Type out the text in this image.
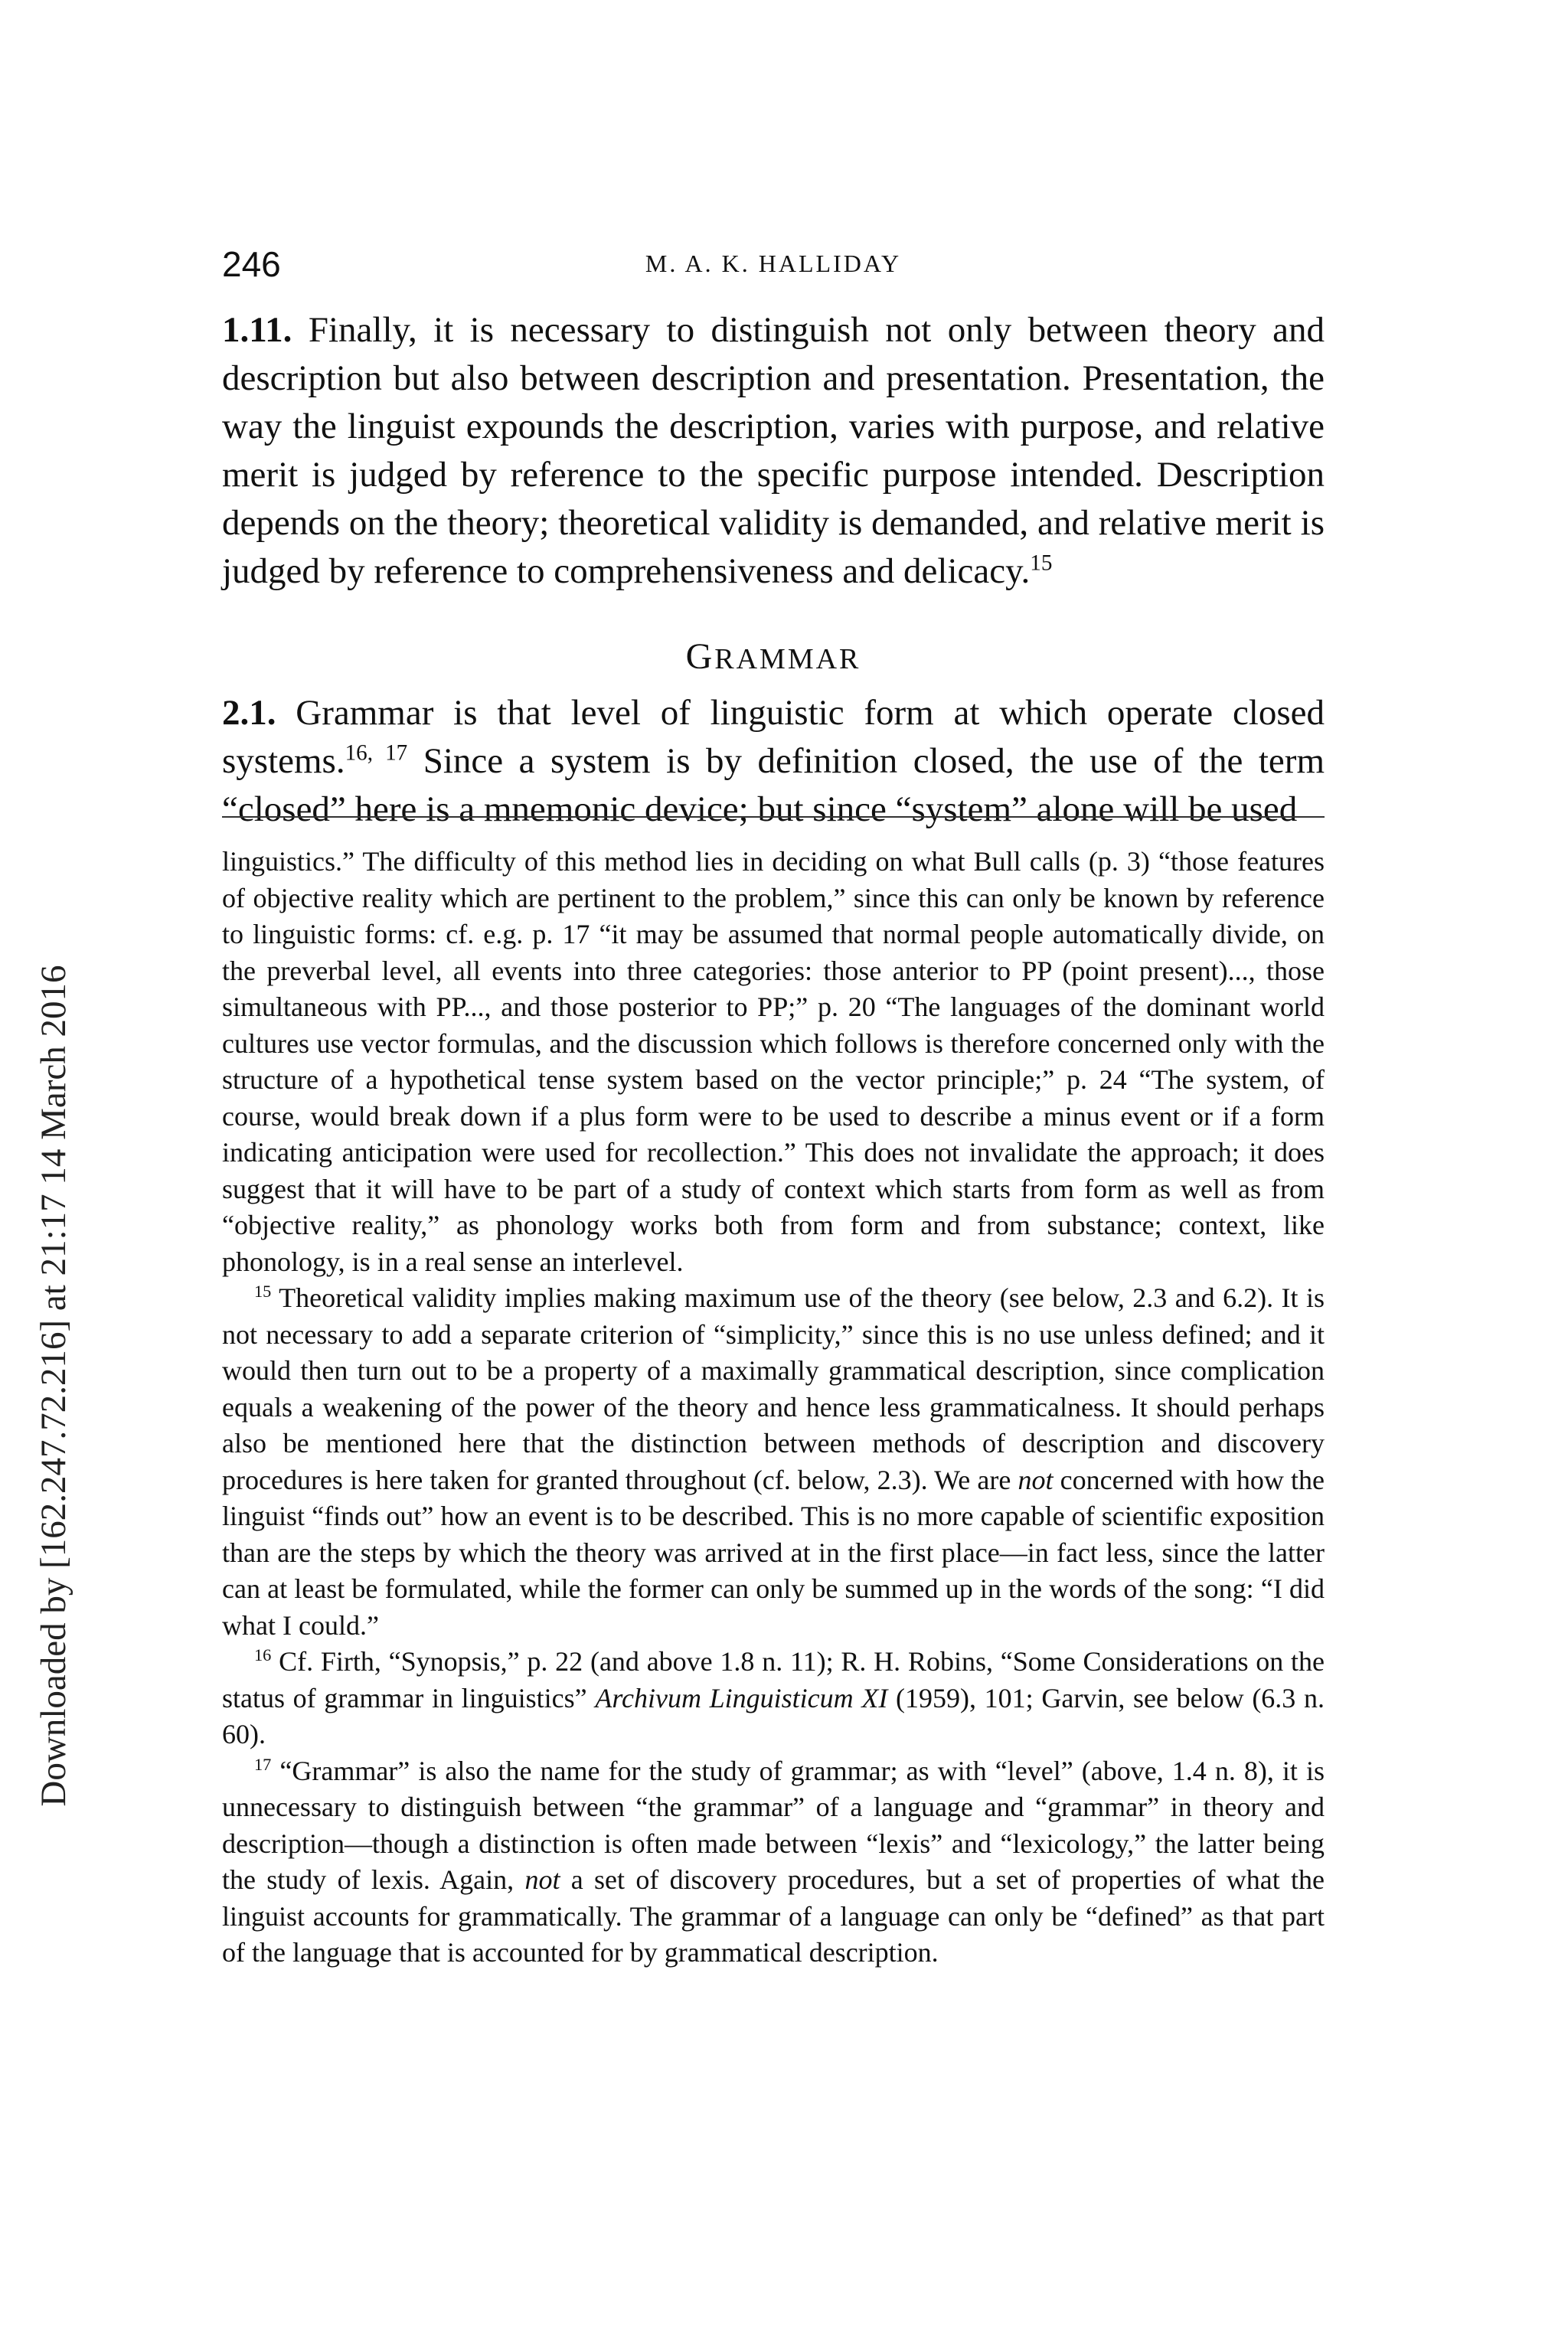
Downloaded by [162.247.72.216] at 21:17 14 March 2016
246	M. A. K. HALLIDAY

1.11. Finally, it is necessary to distinguish not only between theory and description but also between description and presentation. Presentation, the way the linguist expounds the description, varies with purpose, and relative merit is judged by reference to the specific purpose intended. Description depends on the theory; theoretical validity is demanded, and relative merit is judged by reference to comprehensiveness and delicacy.$^{15}$

GRAMMAR

2.1. Grammar is that level of linguistic form at which operate closed systems.$^{16, 17}$ Since a system is by definition closed, the use of the term “closed” here is a mnemonic device; but since “system” alone will be used

linguistics.” The difficulty of this method lies in deciding on what Bull calls (p. 3) “those features of objective reality which are pertinent to the problem,” since this can only be known by reference to linguistic forms: cf. e.g. p. 17 “it may be assumed that normal people automatically divide, on the preverbal level, all events into three categories: those anterior to PP (point present)..., those simultaneous with PP..., and those posterior to PP;” p. 20 “The languages of the dominant world cultures use vector formulas, and the discussion which follows is therefore concerned only with the structure of a hypothetical tense system based on the vector principle;” p. 24 “The system, of course, would break down if a plus form were to be used to describe a minus event or if a form indicating anticipation were used for recollection.” This does not invalidate the approach; it does suggest that it will have to be part of a study of context which starts from form as well as from “objective reality,” as phonology works both from form and from substance; context, like phonology, is in a real sense an interlevel.

$^{15}$ Theoretical validity implies making maximum use of the theory (see below, 2.3 and 6.2). It is not necessary to add a separate criterion of “simplicity,” since this is no use unless defined; and it would then turn out to be a property of a maximally grammatical description, since complication equals a weakening of the power of the theory and hence less grammaticalness. It should perhaps also be mentioned here that the distinction between methods of description and discovery procedures is here taken for granted throughout (cf. below, 2.3). We are not concerned with how the linguist “finds out” how an event is to be described. This is no more capable of scientific exposition than are the steps by which the theory was arrived at in the first place—in fact less, since the latter can at least be formulated, while the former can only be summed up in the words of the song: “I did what I could.”

$^{16}$ Cf. Firth, “Synopsis,” p. 22 (and above 1.8 n. 11); R. H. Robins, “Some Considerations on the status of grammar in linguistics” Archivum Linguisticum XI (1959), 101; Garvin, see below (6.3 n. 60).

$^{17}$ “Grammar” is also the name for the study of grammar; as with “level” (above, 1.4 n. 8), it is unnecessary to distinguish between “the grammar” of a language and “grammar” in theory and description—though a distinction is often made between “lexis” and “lexicology,” the latter being the study of lexis. Again, not a set of discovery procedures, but a set of properties of what the linguist accounts for grammatically. The grammar of a language can only be “defined” as that part of the language that is accounted for by grammatical description.
